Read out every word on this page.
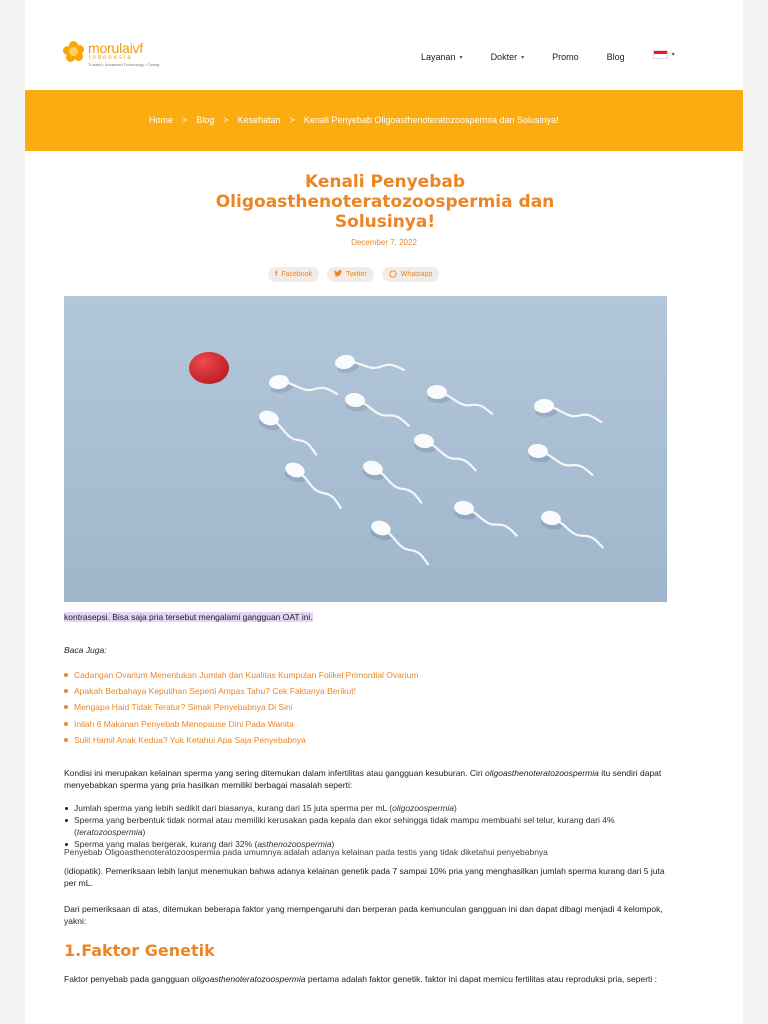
morulaivf
indonesia
Trusted • Advanced Technology • Caring
Layanan ▾	Dokter ▾	Promo	Blog	▾
Home > Blog > Kesehatan > Kenali Penyebab Oligoasthenoteratozoospermia dan Solusinya!
Kenali Penyebab
Oligoasthenoteratozoospermia dan
Solusinya!
December 7, 2022
f Facebook	Twitter	Whatsapp
kontrasepsi. Bisa saja pria tersebut mengalami gangguan OAT ini.
Baca Juga:
Cadangan Ovarium Menentukan Jumlah dan Kualitas Kumpulan Folikel Primordial Ovarium
Apakah Berbahaya Keputihan Seperti Ampas Tahu? Cek Faktanya Berikut!
Mengapa Haid Tidak Teratur? Simak Penyebabnya Di Sini
Inilah 6 Makanan Penyebab Menopause Dini Pada Wanita
Sulit Hamil Anak Kedua? Yuk Ketahui Apa Saja Penyebabnya

Kondisi ini merupakan kelainan sperma yang sering ditemukan dalam infertilitas atau gangguan kesuburan. Ciri oligoasthenoteratozoospermia itu sendiri dapat menyebabkan sperma yang pria hasilkan memiliki berbagai masalah seperti:

Jumlah sperma yang lebih sedikit dari biasanya, kurang dari 15 juta sperma per mL (oligozoospermia)
Sperma yang berbentuk tidak normal atau memiliki kerusakan pada kepala dan ekor sehingga tidak mampu membuahi sel telur, kurang dari 4% (teratozoospermia)
Sperma yang malas bergerak, kurang dari 32% (asthenozoospermia)
Penyebab Oligoasthenoteratozoospermia pada umumnya adalah adanya kelainan pada testis yang tidak diketahui penyebabnya

(idiopatik). Pemeriksaan lebih lanjut menemukan bahwa adanya kelainan genetik pada 7 sampai 10% pria yang menghasilkan jumlah sperma kurang dari 5 juta per mL.

Dari pemeriksaan di atas, ditemukan beberapa faktor yang mempengaruhi dan berperan pada kemunculan gangguan ini dan dapat dibagi menjadi 4 kelompok, yakni:

1.Faktor Genetik

Faktor penyebab pada gangguan oligoasthenoteratozoospermia pertama adalah faktor genetik. faktor ini dapat memicu fertilitas atau reproduksi pria, seperti :
